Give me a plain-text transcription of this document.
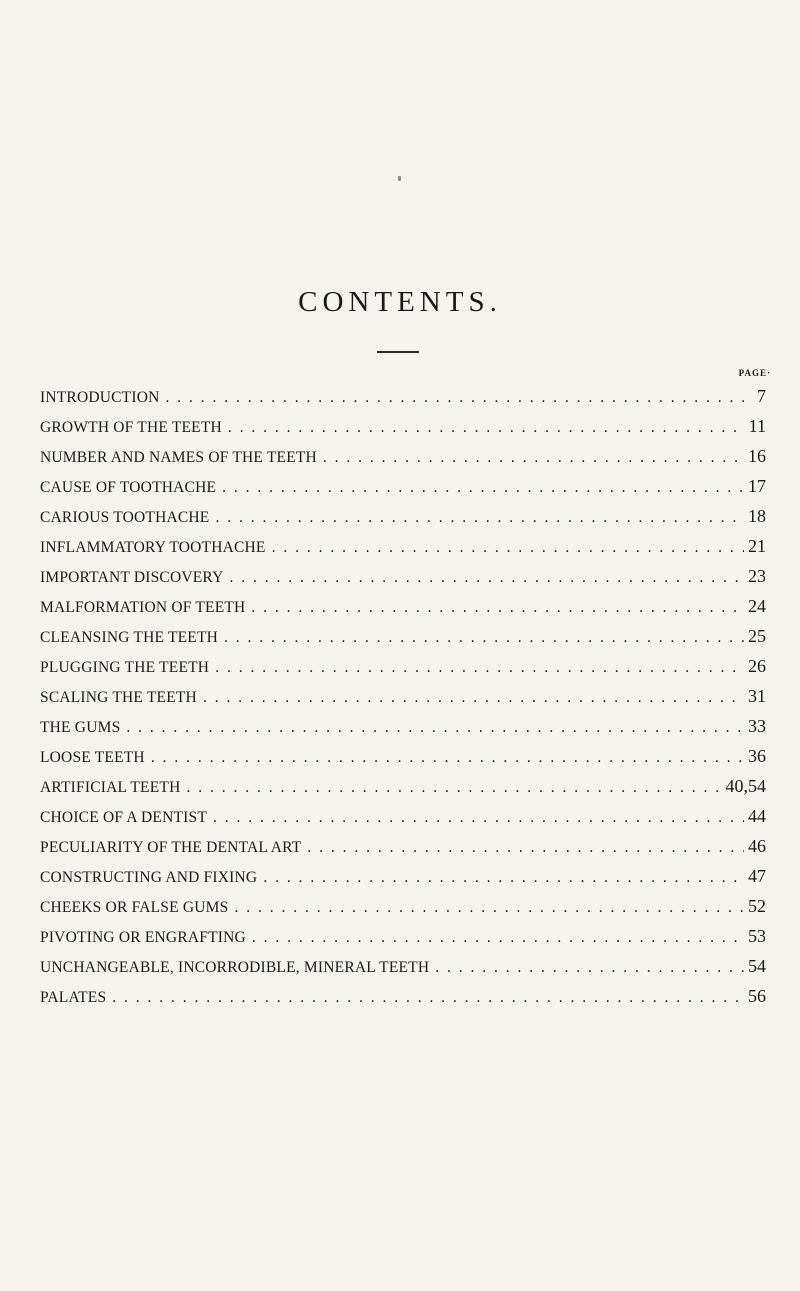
CONTENTS.
PAGE·
INTRODUCTION . . .	7
GROWTH OF THE TEETH . . .	11
NUMBER AND NAMES OF THE TEETH . . .	16
CAUSE OF TOOTHACHE . . .	17
CARIOUS TOOTHACHE . . .	18
INFLAMMATORY TOOTHACHE . . .	21
IMPORTANT DISCOVERY . . .	23
MALFORMATION OF TEETH . . .	24
CLEANSING THE TEETH . . .	25
PLUGGING THE TEETH . . .	26
SCALING THE TEETH . . .	31
THE GUMS . . .	33
LOOSE TEETH . . .	36
ARTIFICIAL TEETH . . .	40,54
CHOICE OF A DENTIST . . .	44
PECULIARITY OF THE DENTAL ART . . .	46
CONSTRUCTING AND FIXING . . .	47
CHEEKS OR FALSE GUMS . . .	52
PIVOTING OR ENGRAFTING . . .	53
UNCHANGEABLE, INCORRODIBLE, MINERAL TEETH . . .	54
PALATES . . .	56
